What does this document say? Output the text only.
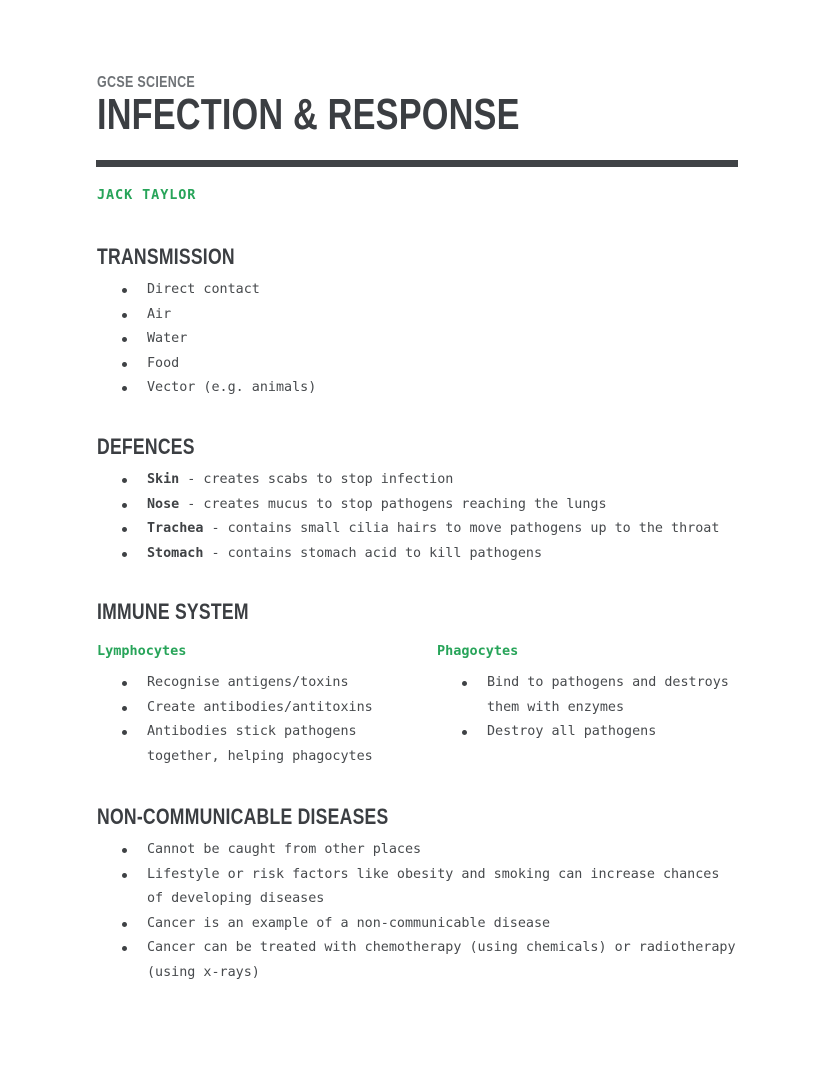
GCSE SCIENCE
INFECTION & RESPONSE
JACK TAYLOR
TRANSMISSION
Direct contact
Air
Water
Food
Vector (e.g. animals)
DEFENCES
Skin - creates scabs to stop infection
Nose - creates mucus to stop pathogens reaching the lungs
Trachea - contains small cilia hairs to move pathogens up to the throat
Stomach - contains stomach acid to kill pathogens
IMMUNE SYSTEM
Lymphocytes
Recognise antigens/toxins
Create antibodies/antitoxins
Antibodies stick pathogens together, helping phagocytes
Phagocytes
Bind to pathogens and destroys them with enzymes
Destroy all pathogens
NON-COMMUNICABLE DISEASES
Cannot be caught from other places
Lifestyle or risk factors like obesity and smoking can increase chances of developing diseases
Cancer is an example of a non-communicable disease
Cancer can be treated with chemotherapy (using chemicals) or radiotherapy (using x-rays)
